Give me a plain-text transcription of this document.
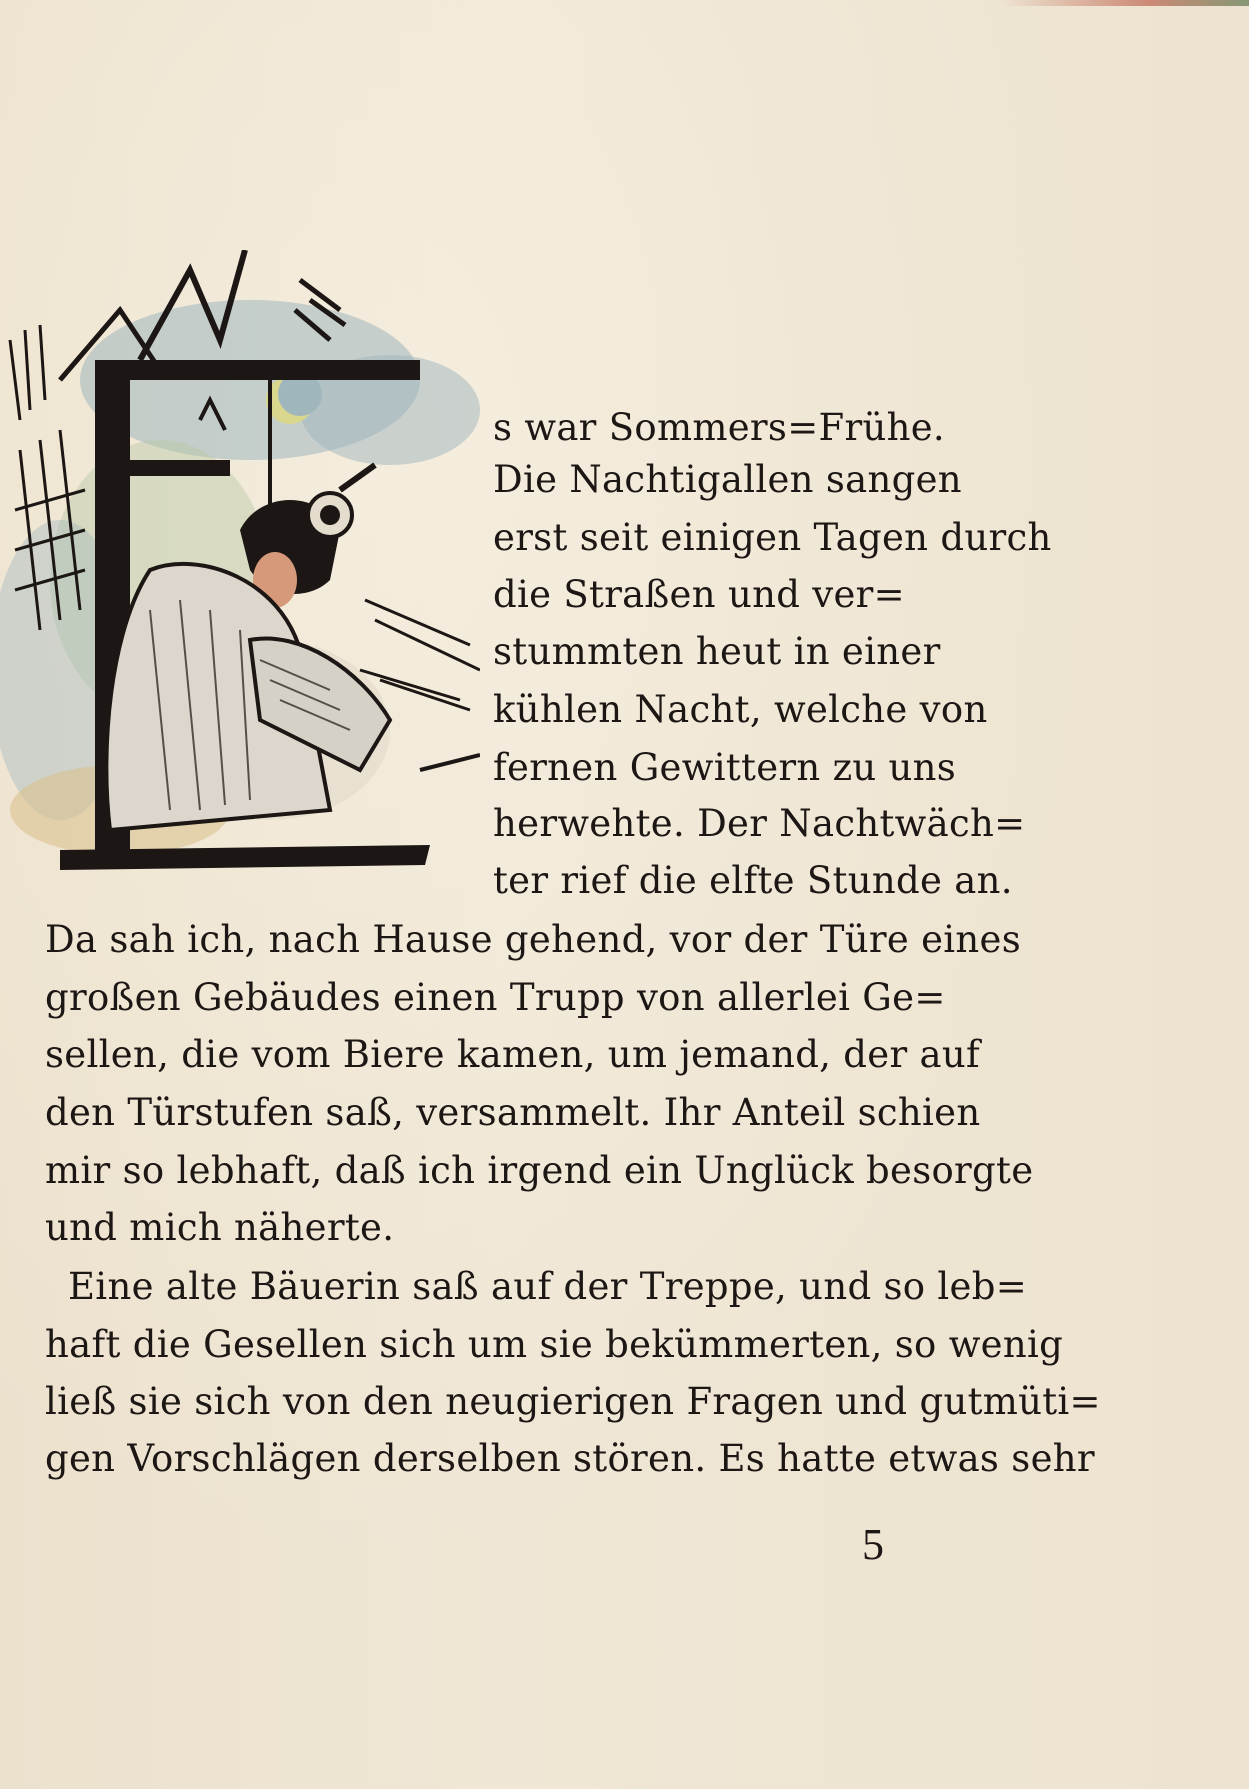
s war Sommers=Frühe.
Die Nachtigallen sangen
erst seit einigen Tagen durch
die Straßen und ver=
stummten heut in einer
kühlen Nacht, welche von
fernen Gewittern zu uns
herwehte. Der Nachtwäch=
ter rief die elfte Stunde an.
Da sah ich, nach Hause gehend, vor der Türe eines
großen Gebäudes einen Trupp von allerlei Ge=
sellen, die vom Biere kamen, um jemand, der auf
den Türstufen saß, versammelt. Ihr Anteil schien
mir so lebhaft, daß ich irgend ein Unglück besorgte
und mich näherte.
Eine alte Bäuerin saß auf der Treppe, und so leb=
haft die Gesellen sich um sie bekümmerten, so wenig
ließ sie sich von den neugierigen Fragen und gutmüti=
gen Vorschlägen derselben stören. Es hatte etwas sehr
5
